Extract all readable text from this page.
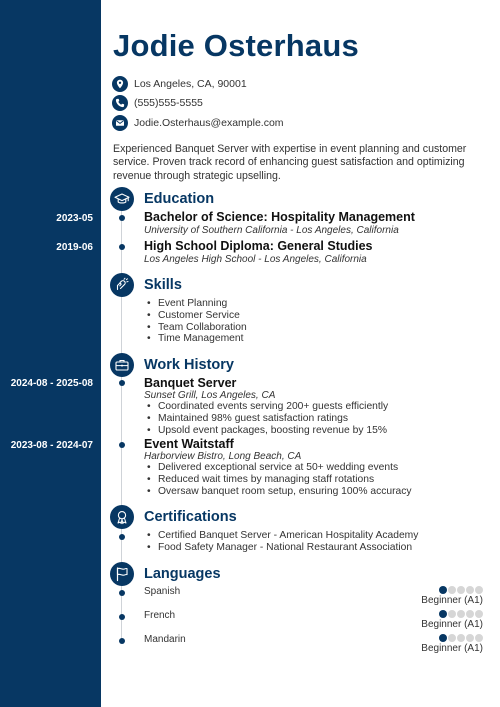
Jodie Osterhaus
Los Angeles, CA, 90001
(555)555-5555
Jodie.Osterhaus@example.com
Experienced Banquet Server with expertise in event planning and customer service. Proven track record of enhancing guest satisfaction and optimizing revenue through strategic upselling.
Education
2023-05	Bachelor of Science: Hospitality Management
University of Southern California - Los Angeles, California
2019-06	High School Diploma: General Studies
Los Angeles High School - Los Angeles, California
Skills
• Event Planning
• Customer Service
• Team Collaboration
• Time Management
Work History
2024-08 - 2025-08	Banquet Server
Sunset Grill, Los Angeles, CA
• Coordinated events serving 200+ guests efficiently
• Maintained 98% guest satisfaction ratings
• Upsold event packages, boosting revenue by 15%
2023-08 - 2024-07	Event Waitstaff
Harborview Bistro, Long Beach, CA
• Delivered exceptional service at 50+ wedding events
• Reduced wait times by managing staff rotations
• Oversaw banquet room setup, ensuring 100% accuracy
Certifications
• Certified Banquet Server - American Hospitality Academy
• Food Safety Manager - National Restaurant Association
Languages
Spanish
Beginner (A1)
French
Beginner (A1)
Mandarin
Beginner (A1)
